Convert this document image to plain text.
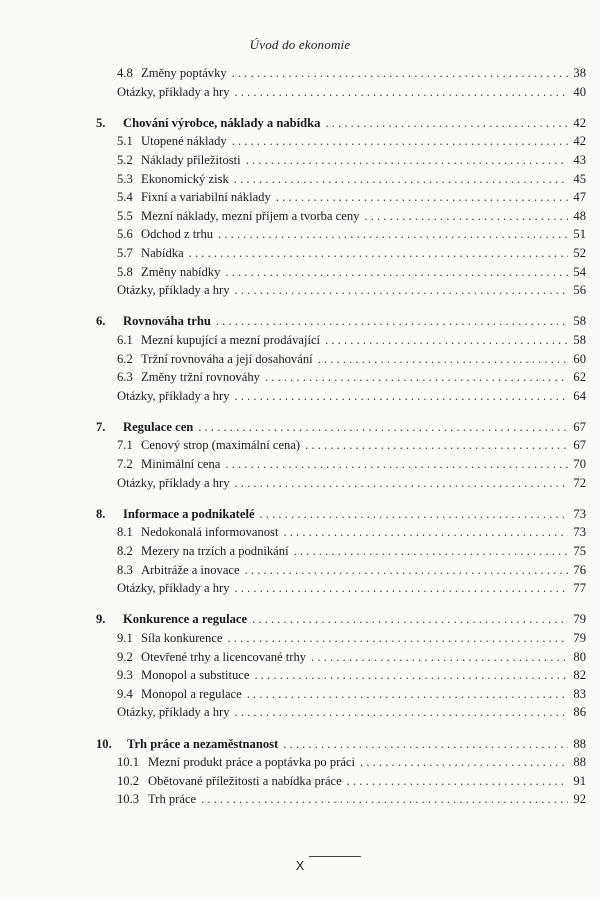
Úvod do ekonomie
4.8 Změny poptávky . . .	38
Otázky, příklady a hry . . .	40
5.	Chování výrobce, náklady a nabídka . . .	42
5.1 Utopené náklady . . .	42
5.2 Náklady příležitosti . . .	43
5.3 Ekonomický zisk . . .	45
5.4 Fixní a variabilní náklady . . .	47
5.5 Mezní náklady, mezní příjem a tvorba ceny . . .	48
5.6 Odchod z trhu . . .	51
5.7 Nabídka . . .	52
5.8 Změny nabídky . . .	54
Otázky, příklady a hry . . .	56
6.	Rovnováha trhu . . .	58
6.1 Mezní kupující a mezní prodávající . . .	58
6.2 Tržní rovnováha a její dosahování . . .	60
6.3 Změny tržní rovnováhy . . .	62
Otázky, příklady a hry . . .	64
7.	Regulace cen . . .	67
7.1 Cenový strop (maximální cena) . . .	67
7.2 Minimální cena . . .	70
Otázky, příklady a hry . . .	72
8.	Informace a podnikatelé . . .	73
8.1 Nedokonalá informovanost . . .	73
8.2 Mezery na trzích a podnikání . . .	75
8.3 Arbitráže a inovace . . .	76
Otázky, příklady a hry . . .	77
9.	Konkurence a regulace . . .	79
9.1 Síla konkurence . . .	79
9.2 Otevřené trhy a licencované trhy . . .	80
9.3 Monopol a substituce . . .	82
9.4 Monopol a regulace . . .	83
Otázky, příklady a hry . . .	86
10.	Trh práce a nezaměstnanost . . .	88
10.1 Mezní produkt práce a poptávka po práci . . .	88
10.2 Obětované příležitosti a nabídka práce . . .	91
10.3 Trh práce . . .	92
X
